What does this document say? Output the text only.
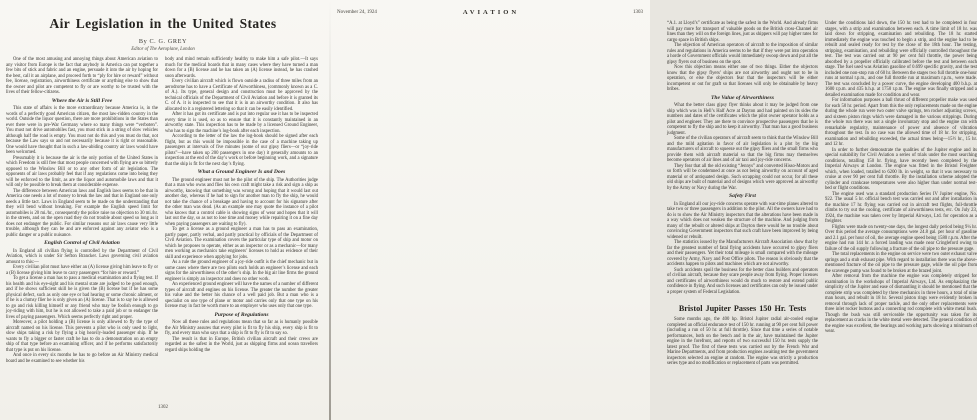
Air Legislation in the United States
By C. G. GREY
Editor of The Aeroplane, London
One of the most amusing and annoying things about American aviation to any visitor from Europe is the fact that anybody in America can put together a few bits of stick and fabric and an engine, persuade it into the air by hoping for the best, call it an airplane, and proceed forth to “ply for hire or reward” without fee, license, registration, airworthiness certificate or anything else to show that the owner and pilot are competent to fly or are worthy to be trusted with the lives of their fellow-citizens.
Where the Air is Still Free
This state of affairs is the more extraordinary because America is, in the words of a perfectly good American citizen, the most law-ridden country in the world. Outside the liquor question, there are more prohibitions in the States than ever there were in pre-War Germany where so many things were “verboten”. You must not drive automobiles fast, you must stick in a string of slow vehicles although half the road is empty. You must not do this and you must do that, not because the Law says so and not necessarily because it is right or reasonable. One would have thought that in such a law-abiding country air laws would have been welcomed.
Presumably it is because the air is the only portion of the United States in which Freedom is still free that most people concerned with flying are so bitterly opposed to the Winslow Bill or to any other form of air legislation. The opponents of air laws probably feel that if any regulations come into being they will be enforced to the limit, as are the liquor and automobile laws and that it will only be possible to break them at considerable expense.
The difference between American laws and English laws seems to be that in America one needs a lot of money to break the law and that in England one only needs a little tact. Laws in England seem to be made on the understanding that they will bend without breaking. For example the English speed limit for automobiles is 20 mi./hr., consequently the police raise no objection to 30 mi./hr. in the streets, and on the open road they do not trouble about speed so long as it does not endanger the public. For similar reasons our air laws cause very little trouble, although they can be and are enforced against any aviator who is a public danger or a public nuisance.
English Control of Civil Aviation
In England all civilian flying is controlled by the Department of Civil Aviation, which is under Sir Sefton Brancker. Laws governing civil aviation amount to this:—
Every civilian pilot must have either an (A) license giving him leave to fly or a (B) license giving him leave to carry passengers “for hire or reward.”
To get a license a man has to pass a medical examination and a flying test. If his health and his eye-sight and his mental state are judged to be good enough, and if he shows sufficient skill he is given the (B) license but if he has some physical defect, such as only one eye or bad hearing or some chronic ailment, or if he is a clumsy flier he is only given an (A) license. That is to say he is allowed to go and risk killing himself or any friend who may be foolish enough to go joy-riding with him, but he is not allowed to take a paid job or to endanger the lives of paying passengers. Which seems perfectly right and proper.
Moreover, a pilot holding a (B) license is only allowed to fly the type of aircraft named on his license. This prevents a pilot who is only used to light, slow ships taking a risk by flying a big heavily-loaded passenger ship. If he wants to fly a bigger or faster craft he has to do a demonstration on an empty ship of that type before an examining officer, and if he performs satisfactorily that type is put on his license.
And once in every six months he has to go before an Air Ministry medical board and be examined to see whether his
body and mind remain sufficiently healthy to make him a safe pilot.—It says much for the medical boards that in many cases where they have turned a man down for a (B) license and he has taken an (A) license instead, he has crashed soon afterwards.
Every civilian aircraft which is flown outside a radius of three miles from an aerodrome has to have a Certificate of Airworthiness, (commonly known as a C. of A.). Its type, general design and construction must be approved by the technical officials of the Department of Civil Aviation and before it is granted its C. of A. it is inspected to see that it is in an airworthy condition. It also has allocated to it a registered lettering so that it can be easily identified.
After it has got its certificate and is put into regular use it has to be inspected every time it is used, so as to ensure that it is constantly maintained in an airworthy state. This inspection has to be made by a licensed Ground Engineer, who has to sign the machine’s log-book after each inspection.
According to the letter of the law the log-book should be signed after each flight, but as this would be impossible in the case of a machine taking up passengers at intervals of five minutes (some of our gipsy fliers—or “joy-ride pilots”—have taken up 200 passengers in one day) it generally amounts to an inspection at the end of the day’s work or before beginning work, and a signature that the ship is fit for the next day’s flying.
What a Ground Engineer Is and Does
The ground engineer must not be the pilot of the ship. The Authorities judge that a man who owns and flies his own craft might take a risk and sign a ship as airworthy, knowing that something was wrong and hoping that it would last out another day, whereas if he had to sign for another man to fly the ship, he would not take the chance of a breakage and having to account for his signature after the other man was dead. (As an example one may quote the instance of a pilot who knows that a control cable is showing signs of wear and hopes that it will last out the day, so as not to lose time and money while repairing it on a fine day when paying passengers are waiting to fly).
To get a license as a ground engineer a man has to pass an examination, partly paper, partly verbal, and partly practical by officials of the Department of Civil Aviation. The examination covers the particular type of ship and motor on which he proposes to operate, either as an inspector or as a mechanic—for many men working as mechanics take engineers’ licenses to hold as evidence of their skill and experience when applying for jobs.
As a rule the ground engineer of a joy-ride outfit is the chief mechanic but in some cases where there are two pilots each holds an engineer’s license and each signs for the airworthiness of the other’s ship. In the big air line firms the ground engineer is simply an inspector and does no other work.
An experienced ground engineer will have the names of a number of different types of aircraft and engines on his license. The greater the number the greater his value and the better his chance of a well paid job. But a man who is a specialist on one type of plane or motor and carries only that one type on his license may in fact be worth more to an employer who uses only that one type.
Purpose of Regulations
Now all these rules and regulations mean that so far as is humanly possible the Air Ministry assures that every pilot is fit to fly his ship, every ship is fit to fly, and every man who says that a ship is fit to fly is fit to say so.
The result is that in Europe, British civilian aircraft and their crews are regarded as the safest in the World, just as shipping firms and ocean travellers regard ships holding the
1302
November 24, 1924	AVIATION	1303
“A.1. at Lloyd’s” certificate as being the safest in the World. And already firms will pay more for transport of valuable goods on the British cross-Channel air lines than they will on the foreign lines, just as shippers will pay higher rates for cargo space in British ships.
The objection of American operators of aircraft to the imposition of similar rules and regulations in America seems to be that if they were put into operation a horde of Government officials would immediately swoop down and put all the gipsy flyers out of business on the spot.
Now this objection means either one of two things. Either the objectors know that the gipsy flyers’ ships are not airworthy and ought not to be in operation, or else the objectors fear that the inspectors will be either incompetent or out for graft so that licenses will only be obtainable by heavy bribes.
The Value of Airworthiness
What the better class gipsy flyer thinks about it may be judged from one ship which was in Hell’s Half Acre at Dayton and had painted on its sides the numbers and dates of the certificates which the pilot owner operator holds as a pilot and engineer. They are there to convince prospective passengers that he is competent to fly the ship and to keep it airworthy. That man has a good business judgment.
Some of the civilian operators of aircraft seem to think that the Winslow Bill and the mild agitation in favor of air legislation is a plot by the big manufacturers of aircraft to squeeze out the gipsy fliers and the small firms who provide them with aircraft material so that the big firms may themselves become operators of air lines and of air taxi and joy-ride concerns.
They fear that all the old existing “Jennys” and converted Hisso-Motors and so forth will be condemned at once as not being airworthy on account of aged material or of antiquated design. Such scrapping could not occur, for all these old ships are built of material and of designs which were approved as airworthy by the Army or Navy during the War.
Safety First
In England all our joy-ride concerns operate with war-time planes altered to take two or three passengers in addition to the pilot. All the owners have had to do is to show the Air Ministry inspectors that the alterations have been made in a way which does not weaken the structure of the machine. And judging from many of the rebuilt or altered ships at Dayton there would be no trouble about convincing Government inspectors that such craft have been improved by being widened or rebuilt.
The statistics issued by the Manufacturers Aircraft Association show that by far the greatest number of fatal flying accidents have occurred to gipsy fliers and their passengers. Yet their total mileage is small compared with the mileage covered by Army, Navy and Post Office pilots. The reason is obviously that the accidents happen to pilots and machines which are not airworthy.
Such accidents spoil the business for the better class builders and operators of civilian aircraft, because they scare people away from flying. Proper licenses and certificates of airworthiness would do much to restore and extend public confidence in flying. And such licenses and certificates can only be issued under a proper system of Federal Legislation.
Bristol Jupiter Passes 150 Hr. Tests
Some months ago, the 400 hp. Bristol Jupiter radial air-cooled engine completed an official endurance test of 150 hr. running at 90 per cent full power (including a run of 50 hr. at full throttle). Since that time a series of notable performances, both on the bench and in the air, have maintained the Jupiter engine in the forefront, and reports of two successful 150 hr. tests supply the latest proof. The first of these tests was carried out by the French War and Marine Departments, and from production engines awaiting test the government inspectors selected an engine at random. The engine was strictly a production series type and no modification or replacement of parts was permitted.
Under the conditions laid down, the 150 hr. test had to be completed in four stages, with a strip and examination between each. A time limit of 18 hr. was laid down for stripping, examination and rebuilding. The 18 hr. started immediately the engine was touched to begin a strip, and the engine had to be rebuilt and sealed ready for test by the close of the 18th hour. The testing, stripping, examination, and rebuilding were officially controlled throughout the test. The test was carried out at 90 per cent full throttle, the power being absorbed by a propeller officially calibrated before the test and between each stage. The fuel used was Aviation gasoline of 0.699 specific gravity, and the test included one non-stop run of 60 hr. Between the stages two full throttle one-hour runs at normal r.p.m., and one full throttle run at maximum r.p.m., were made. The test was concluded by a power curve, the engine developing 400 b.h.p. at 1600 r.p.m. and 435 b.h.p. at 1750 r.p.m. The engine was finally stripped and a detailed examination made for condition and wear.
For information purposes a ball thrust of different propeller make was used for each 50 hr. period. Apart from this the only replacements made on the engine during the whole run were two outer valve springs, ten rocker adjusting screws, and sixteen piston rings which were damaged in the various strippings. During the whole run there was not a single involuntary stop and the engine ran with remarkable regularity, maintenance of power and absence of vibration throughout the test. In no case was the allowed time of 18 hr. for stripping, examination and rebuilding exceeded, the actual times being—15½ hr., 15 hr. and 12 hr.
In order to further demonstrate the qualities of the Jupiter engine and its special suitability for Civil Aviation a series of trials under the most searching conditions, totalling 150 hr. flying, have recently been completed by the Imperial Airways at London. The engine was fitted in the Bristol Freighter which, when loaded, totalled to 6200 lb. in weight, so that it was necessary to cruise at over 90 per cent full throttle. By the installation scheme adopted the cylinder and crankcase temperatures were also higher than under normal test-bed or flight conditions.
The engine used was a standard production Series IV Jupiter engine, No. 922. The usual 5 hr. official bench test was carried out and after installation in the machine 17 hr. flying was carried out in aircraft test flights, full-throttle climbs to try out the cooling, certificate of airworthiness tests, etc. On July 23, 1924, the machine was taken over by Imperial Airways, Ltd. for operation as a freighter.
Flights were made on twenty-one days, the longest daily period being 9¼ hr. Over this period the average consumptions were 24.8 gal. per hour of gasoline and 2.1 gal. per hour of oil, the average engine speed being 1580 r.p.m. After the engine had run 144 hr. a forced landing was made near Cringleford owing to failure of the oil supply following a fracture of the oil pipe to the pressure gage.
The total replacements in the engine on service were two outer exhaust valve springs and a stub exhaust pipe. With regard to installation there was the above-mentioned fracture of the oil pipe to the pressure gage, while the oil pipe from the scavenge pump was found to be broken at the brazed joint.
After removal from the machine the engine was completely stripped for examination in the workshops of Imperial Airways, Ltd. As emphasizing the simplicity of the Jupiter and ease of dismantling it should be mentioned that the complete strip was completed by three mechanics in three hours, a total of nine man hours, and rebuilt in 18 hr. Several piston rings were evidently broken in removal through lack of proper tackle, and the only other replacements were three inlet rocker buttons and a connecting rod complete with white metal bush. Though the bush was still serviceable the opportunity was taken for its replacement as cracks in the white metal were detected. The general condition of the engine was excellent, the bearings and working parts showing a minimum of wear.
